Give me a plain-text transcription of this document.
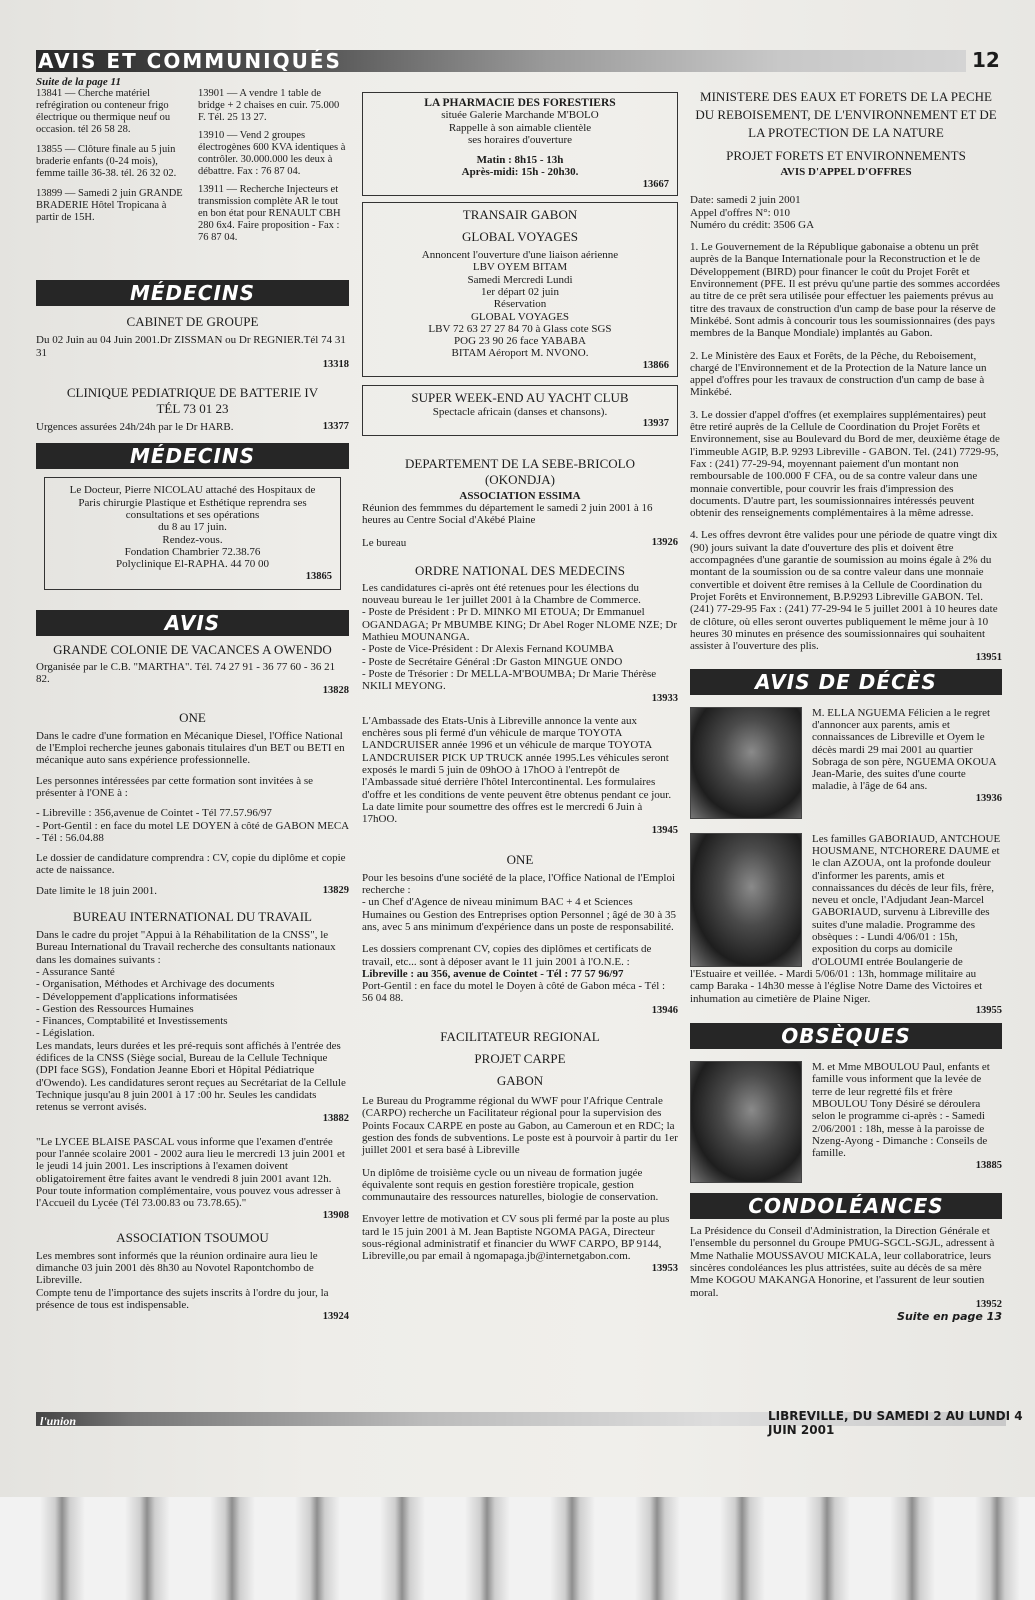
AVIS ET COMMUNIQUÉS	12
Suite de la page 11

13841 — Cherche matériel refrégiration ou conteneur frigo électrique ou thermique neuf ou occasion. tél 26 58 28.

13855 — Clôture finale au 5 juin braderie enfants (0-24 mois), femme taille 36-38. tél. 26 32 02.

13899 — Samedi 2 juin GRANDE BRADERIE Hôtel Tropicana à partir de 15H.

13901 — A vendre 1 table de bridge + 2 chaises en cuir. 75.000 F. Tél. 25 13 27.

13910 — Vend 2 groupes électrogènes 600 KVA identiques à contrôler. 30.000.000 les deux à débattre. Fax : 76 87 04.

13911 — Recherche Injecteurs et transmission complète AR le tout en bon état pour RENAULT CBH 280 6x4. Faire proposition - Fax : 76 87 04.

MÉDECINS
CABINET DE GROUPE

Du 02 Juin au 04 Juin 2001.Dr ZISSMAN ou Dr REGNIER.Tél 74 31 31

13318
CLINIQUE PEDIATRIQUE DE BATTERIE IV
TÉL 73 01 23
Urgences assurées 24h/24h par le Dr HARB.	13377
MÉDECINS
Le Docteur, Pierre NICOLAU attaché des Hospitaux de
Paris chirurgie Plastique et Esthétique reprendra ses
consultations et ses opérations
du 8 au 17 juin.
Rendez-vous.
Fondation Chambrier 72.38.76
Polyclinique El-RAPHA. 44 70 00
13865
AVIS
GRANDE COLONIE DE VACANCES A OWENDO

Organisée par le C.B. "MARTHA". Tél. 74 27 91 - 36 77 60 - 36 21 82.

13828
ONE

Dans le cadre d'une formation en Mécanique Diesel, l'Office National de l'Emploi recherche jeunes gabonais titulaires d'un BET ou BETI en mécanique auto sans expérience professionnelle.

Les personnes intéressées par cette formation sont invitées à se présenter à l'ONE à :

- Libreville : 356,avenue de Cointet - Tél 77.57.96/97

- Port-Gentil : en face du motel LE DOYEN à côté de GABON MECA - Tél : 56.04.88

Le dossier de candidature comprendra : CV, copie du diplôme et copie acte de naissance.

Date limite le 18 juin 2001.	13829
BUREAU INTERNATIONAL DU TRAVAIL

Dans le cadre du projet "Appui à la Réhabilitation de la CNSS", le Bureau International du Travail recherche des consultants nationaux dans les domaines suivants :

- Assurance Santé

- Organisation, Méthodes et Archivage des documents

- Développement d'applications informatisées

- Gestion des Ressources Humaines

- Finances, Comptabilité et Investissements

- Législation.

Les mandats, leurs durées et les pré-requis sont affichés à l'entrée des édifices de la CNSS (Siège social, Bureau de la Cellule Technique (DPI face SGS), Fondation Jeanne Ebori et Hôpital Pédiatrique d'Owendo). Les candidatures seront reçues au Secrétariat de la Cellule Technique jusqu'au 8 juin 2001 à 17 :00 hr. Seules les candidats retenus se verront avisés.

13882

"Le LYCEE BLAISE PASCAL vous informe que l'examen d'entrée pour l'année scolaire 2001 - 2002 aura lieu le mercredi 13 juin 2001 et le jeudi 14 juin 2001. Les inscriptions à l'examen doivent obligatoirement être faites avant le vendredi 8 juin 2001 avant 12h. Pour toute information complémentaire, vous pouvez vous adresser à l'Accueil du Lycée (Tél 73.00.83 ou 73.78.65)."

13908
ASSOCIATION TSOUMOU

Les membres sont informés que la réunion ordinaire aura lieu le dimanche 03 juin 2001 dès 8h30 au Novotel Rapontchombo de Libreville.

Compte tenu de l'importance des sujets inscrits à l'ordre du jour, la présence de tous est indispensable.

13924
LA PHARMACIE DES FORESTIERS
située Galerie Marchande M'BOLO
Rappelle à son aimable clientèle
ses horaires d'ouverture
Matin : 8h15 - 13h
Après-midi: 15h - 20h30.
13667
TRANSAIR GABON
GLOBAL VOYAGES
Annoncent l'ouverture d'une liaison aérienne
LBV OYEM BITAM
Samedi Mercredi Lundi
1er départ 02 juin
Réservation
GLOBAL VOYAGES
LBV 72 63 27 27 84 70 à Glass cote SGS
POG 23 90 26 face YABABA
BITAM Aéroport M. NVONO.
13866
SUPER WEEK-END AU YACHT CLUB
Spectacle africain (danses et chansons).
13937
DEPARTEMENT DE LA SEBE-BRICOLO
(OKONDJA)
ASSOCIATION ESSIMA

Réunion des femmmes du département le samedi 2 juin 2001 à 16 heures au Centre Social d'Akébé Plaine

Le bureau	13926
ORDRE NATIONAL DES MEDECINS

Les candidatures ci-après ont été retenues pour les élections du nouveau bureau le 1er juillet 2001 à la Chambre de Commerce.

- Poste de Président : Pr D. MINKO MI ETOUA; Dr Emmanuel OGANDAGA; Pr MBUMBE KING; Dr Abel Roger NLOME NZE; Dr Mathieu MOUNANGA.

- Poste de Vice-Président : Dr Alexis Fernand KOUMBA

- Poste de Secrétaire Général :Dr Gaston MINGUE ONDO

- Poste de Trésorier : Dr MELLA-M'BOUMBA; Dr Marie Thérèse NKILI MEYONG.

13933

L'Ambassade des Etats-Unis à Libreville annonce la vente aux enchères sous pli fermé d'un véhicule de marque TOYOTA LANDCRUISER année 1996 et un véhicule de marque TOYOTA LANDCRUISER PICK UP TRUCK année 1995.Les véhicules seront exposés le mardi 5 juin de 09hOO à 17hOO à l'entrepôt de l'Ambassade situé derrière l'hôtel Intercontinental. Les formulaires d'offre et les conditions de vente peuvent être obtenus pendant ce jour. La date limite pour soumettre des offres est le mercredi 6 Juin à 17hOO.

13945
ONE

Pour les besoins d'une société de la place, l'Office National de l'Emploi recherche :

- un Chef d'Agence de niveau minimum BAC + 4 et Sciences Humaines ou Gestion des Entreprises option Personnel ; âgé de 30 à 35 ans, avec 5 ans minimum d'expérience dans un poste de responsabilité.

Les dossiers comprenant CV, copies des diplômes et certificats de travail, etc... sont à déposer avant le 11 juin 2001 à l'O.N.E. :

Libreville : au 356, avenue de Cointet - Tél : 77 57 96/97

Port-Gentil : en face du motel le Doyen à côté de Gabon méca - Tél : 56 04 88.

13946
FACILITATEUR REGIONAL
PROJET CARPE
GABON

Le Bureau du Programme régional du WWF pour l'Afrique Centrale (CARPO) recherche un Facilitateur régional pour la supervision des Points Focaux CARPE en poste au Gabon, au Cameroun et en RDC; la gestion des fonds de subventions. Le poste est à pourvoir à partir du 1er juillet 2001 et sera basé à Libreville

Un diplôme de troisième cycle ou un niveau de formation jugée équivalente sont requis en gestion forestière tropicale, gestion communautaire des ressources naturelles, biologie de conservation.

Envoyer lettre de motivation et CV sous pli fermé par la poste au plus tard le 15 juin 2001 à M. Jean Baptiste NGOMA PAGA, Directeur sous-régional administratif et financier du WWF CARPO, BP 9144, Libreville,ou par email à ngomapaga.jb@internetgabon.com.

13953
MINISTERE DES EAUX ET FORETS DE LA PECHE DU REBOISEMENT, DE L'ENVIRONNEMENT ET DE LA PROTECTION DE LA NATURE
PROJET FORETS ET ENVIRONNEMENTS
AVIS D'APPEL D'OFFRES

Date: samedi 2 juin 2001

Appel d'offres N°: 010

Numéro du crédit: 3506 GA

1. Le Gouvernement de la République gabonaise a obtenu un prêt auprès de la Banque Internationale pour la Reconstruction et le de Développement (BIRD) pour financer le coût du Projet Forêt et Environnement (PFE. Il est prévu qu'une partie des sommes accordées au titre de ce prêt sera utilisée pour effectuer les paiements prévus au titre des travaux de construction d'un camp de base pour la réserve de Minkébé. Sont admis à concourir tous les soumissionnaires (des pays membres de la Banque Mondiale) implantés au Gabon.

2. Le Ministère des Eaux et Forêts, de la Pêche, du Reboisement, chargé de l'Environnement et de la Protection de la Nature lance un appel d'offres pour les travaux de construction d'un camp de base à Minkébé.

3. Le dossier d'appel d'offres (et exemplaires supplémentaires) peut être retiré auprès de la Cellule de Coordination du Projet Forêts et Environnement, sise au Boulevard du Bord de mer, deuxième étage de l'immeuble AGIP, B.P. 9293 Libreville - GABON. Tel. (241) 7729-95, Fax : (241) 77-29-94, moyennant paiement d'un montant non remboursable de 100.000 F CFA, ou de sa contre valeur dans une monnaie convertible, pour couvrir les frais d'impression des documents. D'autre part, les soumissionnaires intéressés peuvent obtenir des renseignements complémentaires à la même adresse.

4. Les offres devront être valides pour une période de quatre vingt dix (90) jours suivant la date d'ouverture des plis et doivent être accompagnées d'une garantie de soumission au moins égale à 2% du montant de la soumission ou de sa contre valeur dans une monnaie convertible et doivent être remises à la Cellule de Coordination du Projet Forêts et Environnement, B.P.9293 Libreville GABON. Tel. (241) 77-29-95 Fax : (241) 77-29-94 le 5 juillet 2001 à 10 heures date de clôture, où elles seront ouvertes publiquement le même jour à 10 heures 30 minutes en présence des soumissionnaires qui souhaitent assister à l'ouverture des plis.

13951
AVIS DE DÉCÈS

M. ELLA NGUEMA Félicien a le regret d'annoncer aux parents, amis et connaissances de Libreville et Oyem le décès mardi 29 mai 2001 au quartier Sobraga de son père, NGUEMA OKOUA Jean-Marie, des suites d'une courte maladie, à l'âge de 64 ans.

13936

Les familles GABORIAUD, ANTCHOUE HOUSMANE, NTCHORERE DAUME et le clan AZOUA, ont la profonde douleur d'informer les parents, amis et connaissances du décès de leur fils, frère, neveu et oncle, l'Adjudant Jean-Marcel GABORIAUD, survenu à Libreville des suites d'une maladie. Programme des obsèques : - Lundi 4/06/01 : 15h, exposition du corps au domicile d'OLOUMI entrée Boulangerie de l'Estuaire et veillée. - Mardi 5/06/01 : 13h, hommage militaire au camp Baraka - 14h30 messe à l'église Notre Dame des Victoires et inhumation au cimetière de Plaine Niger.

13955
OBSÈQUES

M. et Mme MBOULOU Paul, enfants et famille vous informent que la levée de terre de leur regretté fils et frère MBOULOU Tony Désiré se déroulera selon le programme ci-après : - Samedi 2/06/2001 : 18h, messe à la paroisse de Nzeng-Ayong - Dimanche : Conseils de famille.

13885
CONDOLÉANCES

La Présidence du Conseil d'Administration, la Direction Générale et l'ensemble du personnel du Groupe PMUG-SGCL-SGJL, adressent à Mme Nathalie MOUSSAVOU MICKALA, leur collaboratrice, leurs sincères condoléances les plus attristées, suite au décès de sa mère Mme KOGOU MAKANGA Honorine, et l'assurent de leur soutien moral.

13952
Suite en page 13
l'union	LIBREVILLE, DU SAMEDI 2 AU LUNDI 4 JUIN 2001
